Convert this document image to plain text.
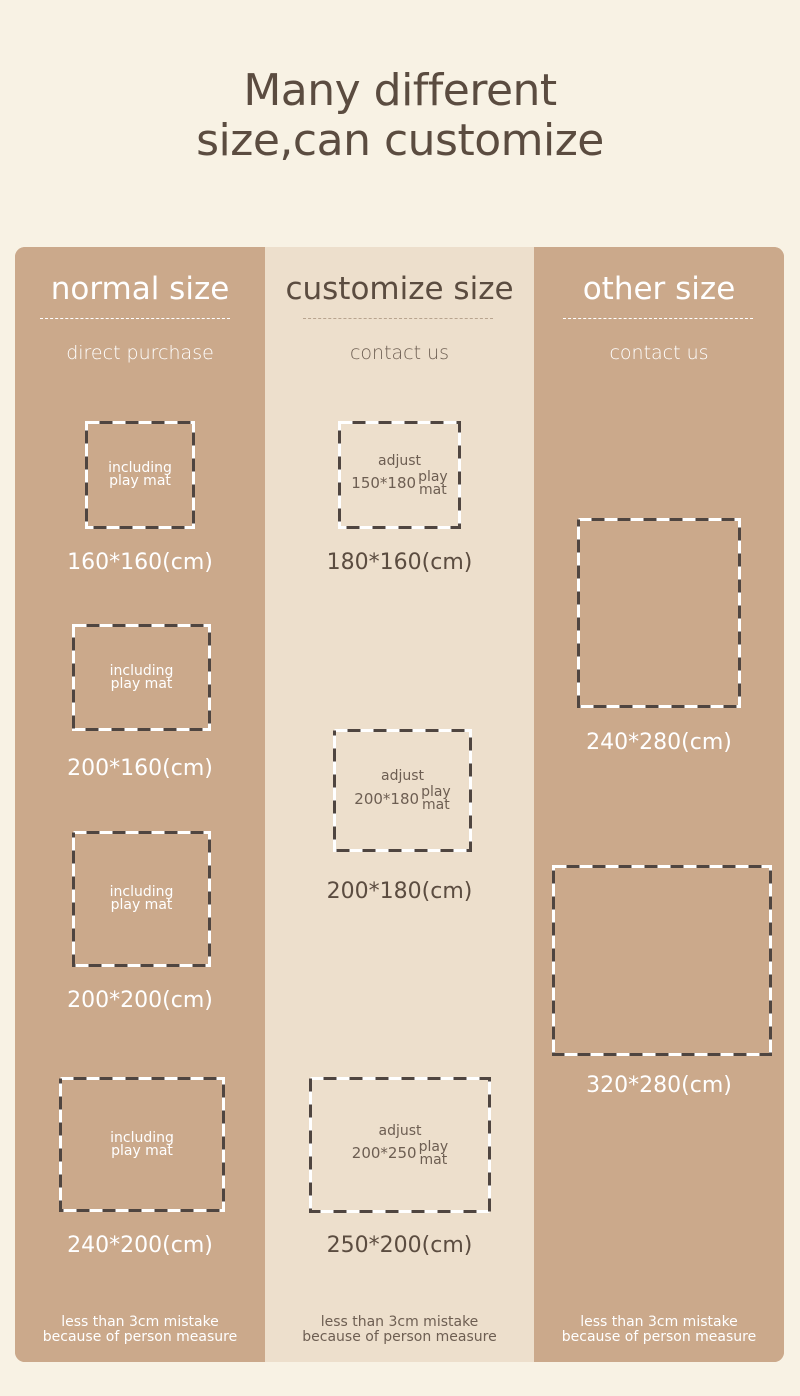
Many different
size,can customize
normal size
direct purchase
including
play mat
160*160(cm)
including
play mat
200*160(cm)
including
play mat
200*200(cm)
including
play mat
240*200(cm)
less than 3cm mistake
because of person measure
customize size
contact us
adjust
150*180 play
mat
180*160(cm)
adjust
200*180 play
mat
200*180(cm)
adjust
200*250 play
mat
250*200(cm)
less than 3cm mistake
because of person measure
other size
contact us
240*280(cm)
320*280(cm)
less than 3cm mistake
because of person measure
